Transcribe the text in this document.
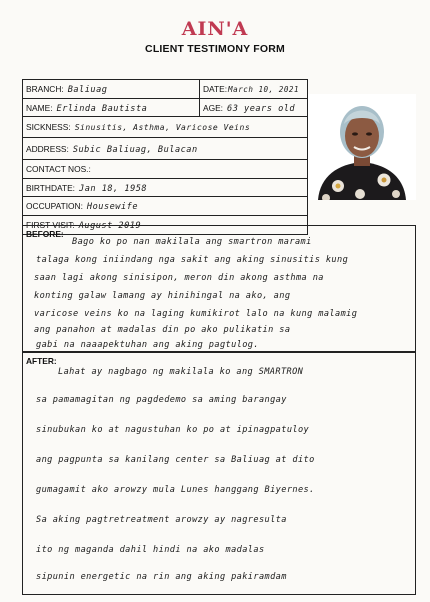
AIN'A
CLIENT TESTIMONY FORM
BRANCH: Baliuag	DATE:March 10, 2021
NAME: Erlinda Bautista	AGE: 63 years old
SICKNESS: Sinusitis, Asthma, Varicose Veins
ADDRESS: Subic Baliuag, Bulacan
CONTACT NOS.:
BIRTHDATE: Jan 18, 1958
OCCUPATION: Housewife
FIRST VISIT: August 2019
BEFORE:
Bago ko po nan makilala ang smartron marami
talaga kong iniindang nga sakit ang aking sinusitis kung
saan lagi akong sinisipon, meron din akong asthma na
konting galaw lamang ay hinihingal na ako, ang
varicose veins ko na laging kumikirot lalo na kung malamig
ang panahon at madalas din po ako pulikatin sa
gabi na naaapektuhan ang aking pagtulog.
AFTER:
Lahat ay nagbago ng makilala ko ang SMARTRON
sa pamamagitan ng pagdedemo sa aming barangay
sinubukan ko at nagustuhan ko po at ipinagpatuloy
ang pagpunta sa kanilang center sa Baliuag at dito
gumagamit ako arowzy mula Lunes hanggang Biyernes.
Sa aking pagtretreatment arowzy ay nagresulta
ito ng maganda dahil hindi na ako madalas
sipunin energetic na rin ang aking pakiramdam
